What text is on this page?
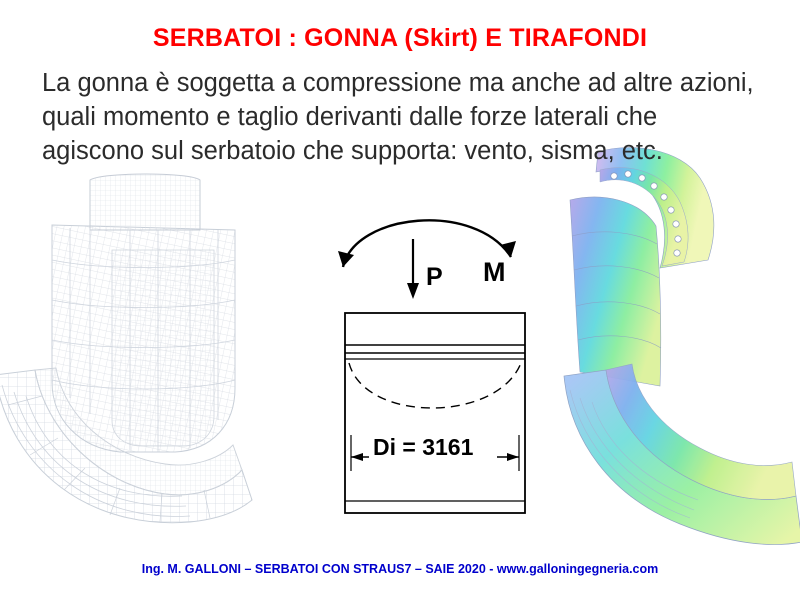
P M
Di = 3161
SERBATOI : GONNA (Skirt) E TIRAFONDI
La gonna è soggetta a compressione ma anche ad altre azioni, quali momento e taglio derivanti dalle forze laterali che agiscono sul serbatoio che supporta: vento, sisma, etc.
Ing. M. GALLONI – SERBATOI CON STRAUS7 – SAIE 2020 - www.galloningegneria.com
